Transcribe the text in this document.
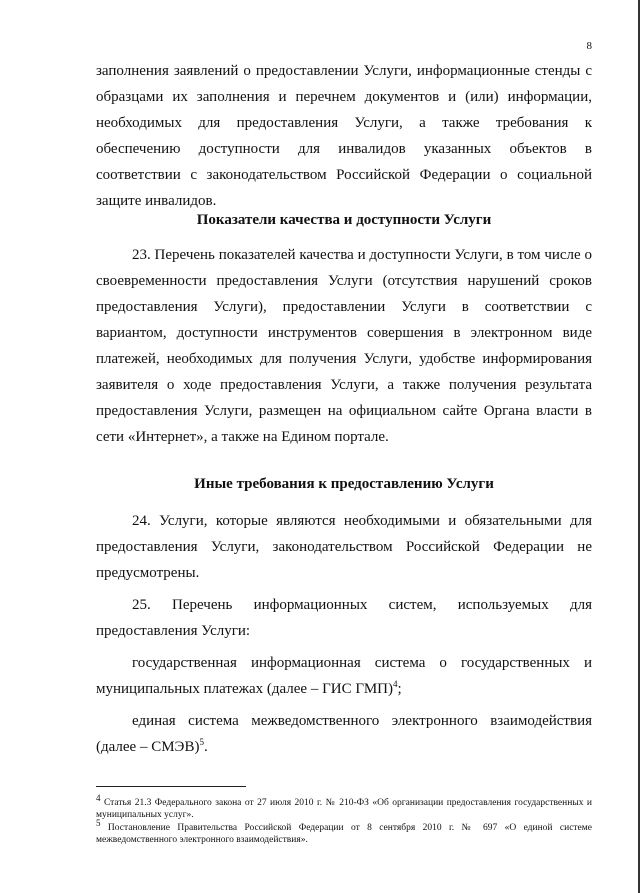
8

заполнения заявлений о предоставлении Услуги, информационные стенды с образцами их заполнения и перечнем документов и (или) информации, необходимых для предоставления Услуги, а также требования к обеспечению доступности для инвалидов указанных объектов в соответствии с законодательством Российской Федерации о социальной защите инвалидов.

Показатели качества и доступности Услуги

23. Перечень показателей качества и доступности Услуги, в том числе о своевременности предоставления Услуги (отсутствия нарушений сроков предоставления Услуги), предоставлении Услуги в соответствии с вариантом, доступности инструментов совершения в электронном виде платежей, необходимых для получения Услуги, удобстве информирования заявителя о ходе предоставления Услуги, а также получения результата предоставления Услуги, размещен на официальном сайте Органа власти в сети «Интернет», а также на Едином портале.

Иные требования к предоставлению Услуги

24. Услуги, которые являются необходимыми и обязательными для предоставления Услуги, законодательством Российской Федерации не предусмотрены.

25. Перечень информационных систем, используемых для предоставления Услуги:

государственная информационная система о государственных и муниципальных платежах (далее – ГИС ГМП)$^4$;

единая система межведомственного электронного взаимодействия (далее – СМЭВ)$^5$.

$^4$ Статья 21.3 Федерального закона от 27 июля 2010 г. № 210-ФЗ «Об организации предоставления государственных и муниципальных услуг».

$^5$ Постановление Правительства Российской Федерации от 8 сентября 2010 г. № 697 «О единой системе межведомственного электронного взаимодействия».
